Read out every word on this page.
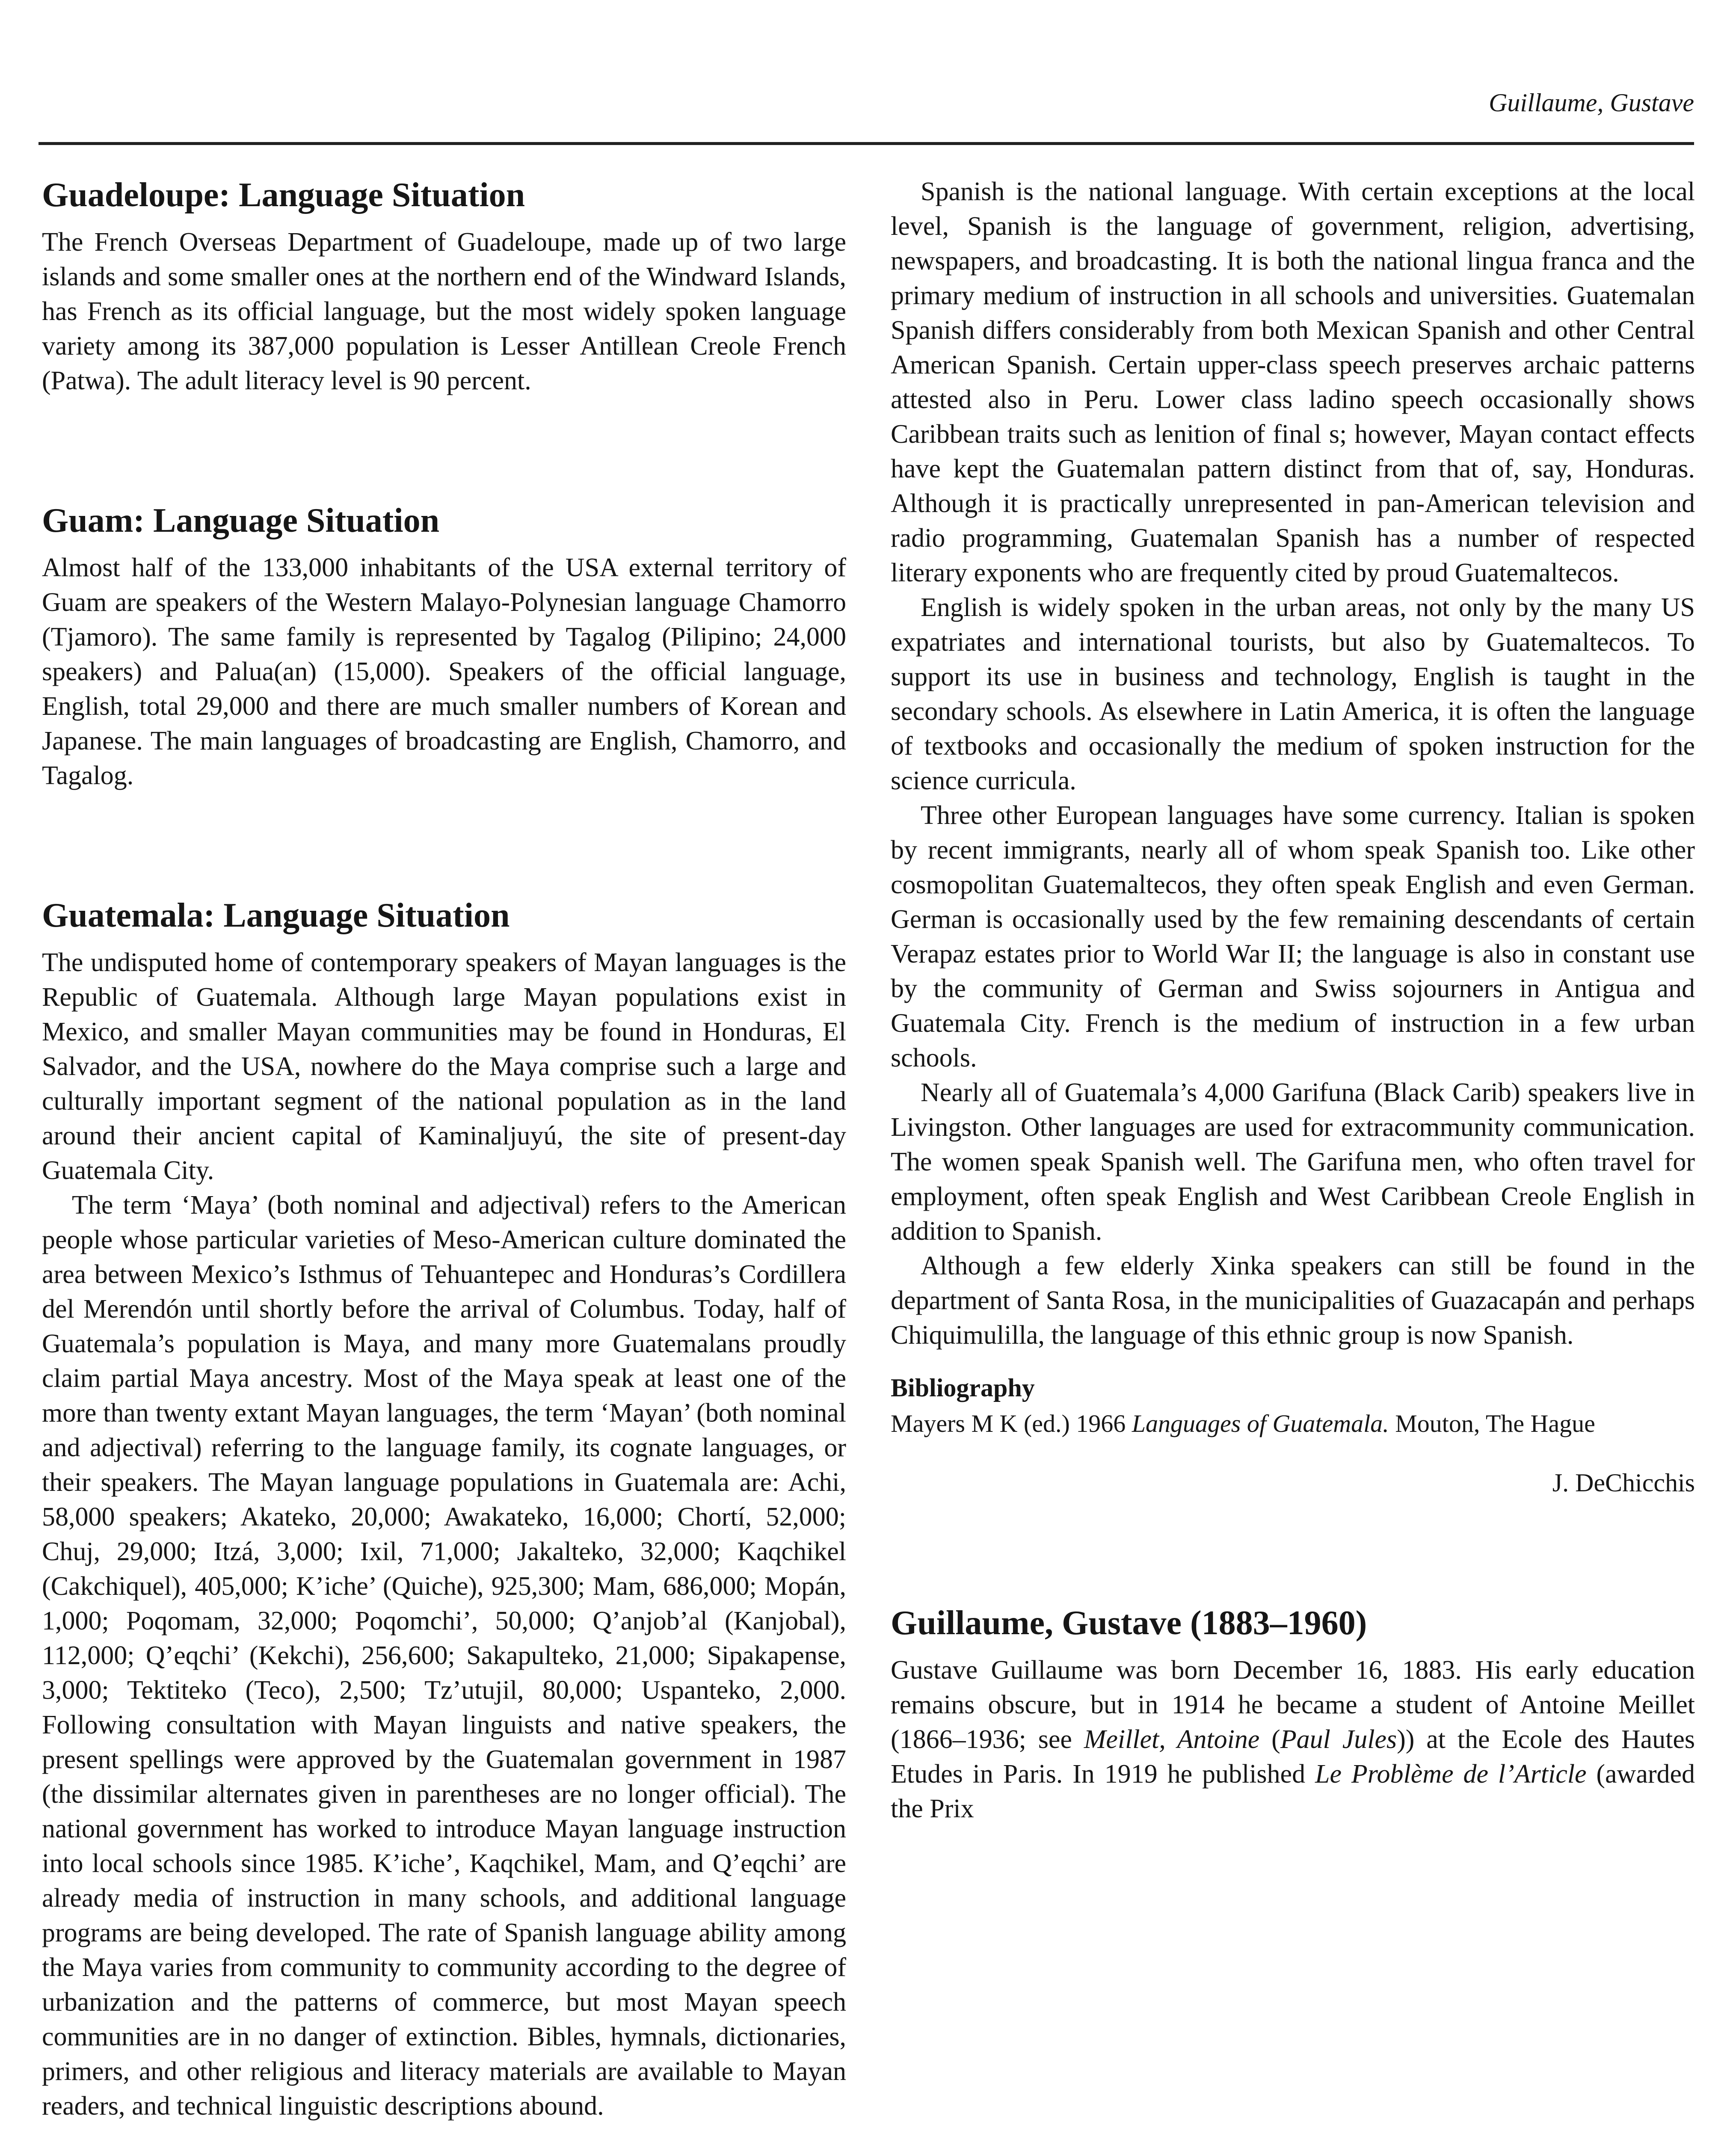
Guillaume, Gustave
Guadeloupe: Language Situation

The French Overseas Department of Guadeloupe, made up of two large islands and some smaller ones at the northern end of the Windward Islands, has French as its official language, but the most widely spoken language variety among its 387,000 population is Lesser Antillean Creole French (Patwa). The adult literacy level is 90 percent.

Guam: Language Situation

Almost half of the 133,000 inhabitants of the USA external territory of Guam are speakers of the Western Malayo-Polynesian language Chamorro (Tjamoro). The same family is represented by Tagalog (Pilipino; 24,000 speakers) and Palua(an) (15,000). Speakers of the official language, English, total 29,000 and there are much smaller numbers of Korean and Japanese. The main languages of broadcasting are English, Chamorro, and Tagalog.

Guatemala: Language Situation

The undisputed home of contemporary speakers of Mayan languages is the Republic of Guatemala. Although large Mayan populations exist in Mexico, and smaller Mayan communities may be found in Honduras, El Salvador, and the USA, nowhere do the Maya comprise such a large and culturally important segment of the national population as in the land around their ancient capital of Kaminaljuyú, the site of present-day Guatemala City.

The term ‘Maya’ (both nominal and adjectival) refers to the American people whose particular varieties of Meso-American culture dominated the area between Mexico’s Isthmus of Tehuantepec and Honduras’s Cordillera del Merendón until shortly before the arrival of Columbus. Today, half of Guatemala’s population is Maya, and many more Guatemalans proudly claim partial Maya ancestry. Most of the Maya speak at least one of the more than twenty extant Mayan languages, the term ‘Mayan’ (both nominal and adjectival) referring to the language family, its cognate languages, or their speakers. The Mayan language populations in Guatemala are: Achi, 58,000 speakers; Akateko, 20,000; Awakateko, 16,000; Chortí, 52,000; Chuj, 29,000; Itzá, 3,000; Ixil, 71,000; Jakalteko, 32,000; Kaqchikel (Cakchiquel), 405,000; K’iche’ (Quiche), 925,300; Mam, 686,000; Mopán, 1,000; Poqomam, 32,000; Poqomchi’, 50,000; Q’anjob’al (Kanjobal), 112,000; Q’eqchi’ (Kekchi), 256,600; Sakapulteko, 21,000; Sipakapense, 3,000; Tektiteko (Teco), 2,500; Tz’utujil, 80,000; Uspanteko, 2,000. Following consultation with Mayan linguists and native speakers, the present spellings were approved by the Guatemalan government in 1987 (the dissimilar alternates given in parentheses are no longer official). The national government has worked to introduce Mayan language instruction into local schools since 1985. K’iche’, Kaqchikel, Mam, and Q’eqchi’ are already media of instruction in many schools, and additional language programs are being developed. The rate of Spanish language ability among the Maya varies from community to community according to the degree of urbanization and the patterns of commerce, but most Mayan speech communities are in no danger of extinction. Bibles, hymnals, dictionaries, primers, and other religious and literacy materials are available to Mayan readers, and technical linguistic descriptions abound.

Spanish is the national language. With certain exceptions at the local level, Spanish is the language of government, religion, advertising, newspapers, and broadcasting. It is both the national lingua franca and the primary medium of instruction in all schools and universities. Guatemalan Spanish differs considerably from both Mexican Spanish and other Central American Spanish. Certain upper-class speech preserves archaic patterns attested also in Peru. Lower class ladino speech occasionally shows Caribbean traits such as lenition of final s; however, Mayan contact effects have kept the Guatemalan pattern distinct from that of, say, Honduras. Although it is practically unrepresented in pan-American television and radio programming, Guatemalan Spanish has a number of respected literary exponents who are frequently cited by proud Guatemaltecos.

English is widely spoken in the urban areas, not only by the many US expatriates and international tourists, but also by Guatemaltecos. To support its use in business and technology, English is taught in the secondary schools. As elsewhere in Latin America, it is often the language of textbooks and occasionally the medium of spoken instruction for the science curricula.

Three other European languages have some currency. Italian is spoken by recent immigrants, nearly all of whom speak Spanish too. Like other cosmopolitan Guatemaltecos, they often speak English and even German. German is occasionally used by the few remaining descendants of certain Verapaz estates prior to World War II; the language is also in constant use by the community of German and Swiss sojourners in Antigua and Guatemala City. French is the medium of instruction in a few urban schools.

Nearly all of Guatemala’s 4,000 Garifuna (Black Carib) speakers live in Livingston. Other languages are used for extracommunity communication. The women speak Spanish well. The Garifuna men, who often travel for employment, often speak English and West Caribbean Creole English in addition to Spanish.

Although a few elderly Xinka speakers can still be found in the department of Santa Rosa, in the municipalities of Guazacapán and perhaps Chiquimulilla, the language of this ethnic group is now Spanish.

Bibliography
Mayers M K (ed.) 1966 Languages of Guatemala. Mouton, The Hague
J. DeChicchis
Guillaume, Gustave (1883–1960)

Gustave Guillaume was born December 16, 1883. His early education remains obscure, but in 1914 he became a student of Antoine Meillet (1866–1936; see Meillet, Antoine (Paul Jules)) at the Ecole des Hautes Etudes in Paris. In 1919 he published Le Problème de l’Article (awarded the Prix
